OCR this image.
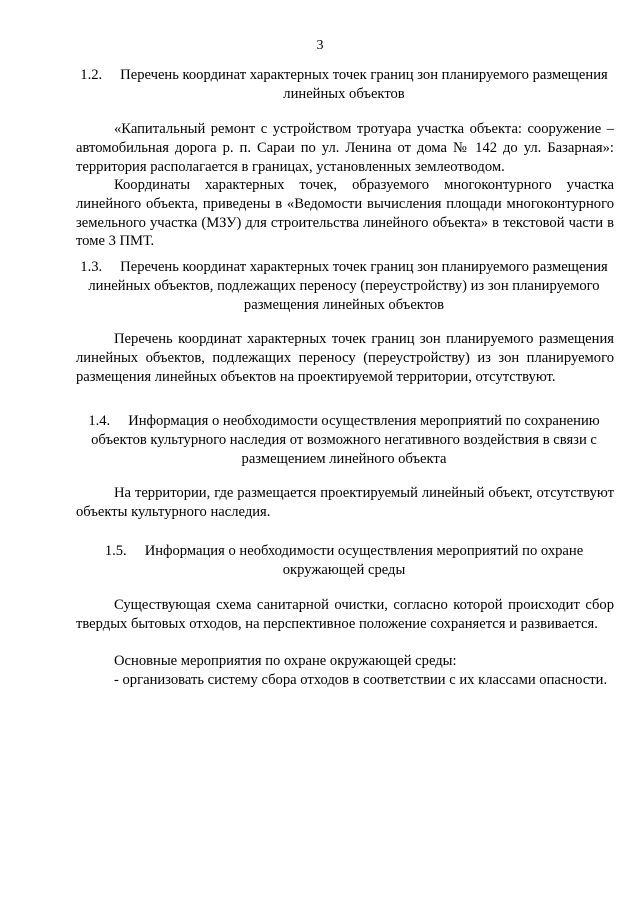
3

1.2. Перечень координат характерных точек границ зон планируемого размещения линейных объектов

«Капитальный ремонт с устройством тротуара участка объекта: сооружение – автомобильная дорога р. п. Сараи по ул. Ленина от дома № 142 до ул. Базарная»: территория располагается в границах, установленных землеотводом.

Координаты характерных точек, образуемого многоконтурного участка линейного объекта, приведены в «Ведомости вычисления площади многоконтурного земельного участка (МЗУ) для строительства линейного объекта» в текстовой части в томе 3 ПМТ.

1.3. Перечень координат характерных точек границ зон планируемого размещения линейных объектов, подлежащих переносу (переустройству) из зон планируемого размещения линейных объектов

Перечень координат характерных точек границ зон планируемого размещения линейных объектов, подлежащих переносу (переустройству) из зон планируемого размещения линейных объектов на проектируемой территории, отсутствуют.

1.4. Информация о необходимости осуществления мероприятий по сохранению объектов культурного наследия от возможного негативного воздействия в связи с размещением линейного объекта

На территории, где размещается проектируемый линейный объект, отсутствуют объекты культурного наследия.

1.5. Информация о необходимости осуществления мероприятий по охране окружающей среды

Существующая схема санитарной очистки, согласно которой происходит сбор твердых бытовых отходов, на перспективное положение сохраняется и развивается.

Основные мероприятия по охране окружающей среды:

- организовать систему сбора отходов в соответствии с их классами опасности.
